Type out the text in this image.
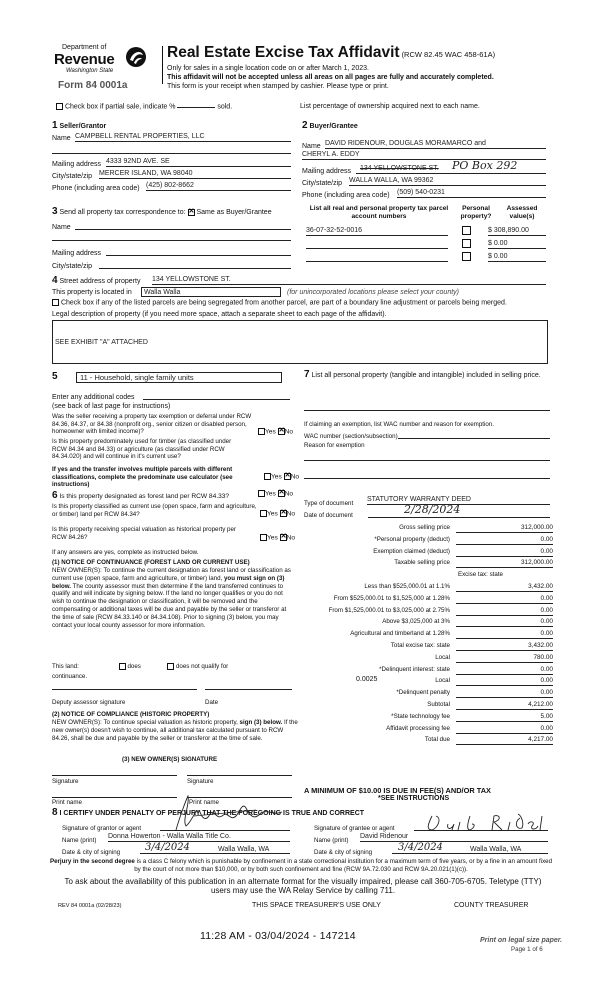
Department of
Revenue
Washington State
Form 84 0001a
Real Estate Excise Tax Affidavit (RCW 82.45 WAC 458-61A)
Only for sales in a single location code on or after March 1, 2023.
This affidavit will not be accepted unless all areas on all pages are fully and accurately completed.
This form is your receipt when stamped by cashier. Please type or print.
Check box if partial sale, indicate %	sold.	List percentage of ownership acquired next to each name.
1 Seller/Grantor
Name CAMPBELL RENTAL PROPERTIES, LLC
Mailing address 4333 92ND AVE. SE
City/state/zip MERCER ISLAND, WA 98040
Phone (including area code) (425) 802-8662
2 Buyer/Grantee
Name DAVID RIDENOUR, DOUGLAS MORAMARCO and
CHERYL A. EDDY
Mailing address 134 YELLOWSTONE ST. PO Box 292
City/state/zip WALLA WALLA, WA 99362
Phone (including area code) (509) 540-0231
3 Send all property tax correspondence to: ✕ Same as Buyer/Grantee
Name
Mailing address
City/state/zip
List all real and personal property tax parcel account numbers
Personal property?
Assessed value(s)
36-07-32-52-0016	$ 308,890.00
$ 0.00
$ 0.00
4 Street address of property 134 YELLOWSTONE ST.
This property is located in	Walla Walla	(for unincorporated locations please select your county)
Check box if any of the listed parcels are being segregated from another parcel, are part of a boundary line adjustment or parcels being merged.
Legal description of property (if you need more space, attach a separate sheet to each page of the affidavit).
SEE EXHIBIT "A" ATTACHED
5	11 - Household, single family units
Enter any additional codes
(see back of last page for instructions)
Was the seller receiving a property tax exemption or deferral under RCW 84.36, 84.37, or 84.38 (nonprofit org., senior citizen or disabled person, homeowner with limited income)?	Yes ✕ No
Is this property predominately used for timber (as classified under RCW 84.34 and 84.33) or agriculture (as classified under RCW 84.34.020) and will continue in it's current use?
If yes and the transfer involves multiple parcels with different classifications, complete the predominate use calculator (see instructions)
Yes ✕ No
6 Is this property designated as forest land per RCW 84.33?	Yes ✕ No
Is this property classified as current use (open space, farm and agriculture, or timber) land per RCW 84.34?	Yes ✕ No
Is this property receiving special valuation as historical property per RCW 84.26?	Yes ✕ No
If any answers are yes, complete as instructed below.
(1) NOTICE OF CONTINUANCE (FOREST LAND OR CURRENT USE)
NEW OWNER(S): To continue the current designation as forest land or classification as current use (open space, farm and agriculture, or timber) land, you must sign on (3) below. The county assessor must then determine if the land transferred continues to qualify and will indicate by signing below. If the land no longer qualifies or you do not wish to continue the designation or classification, it will be removed and the compensating or additional taxes will be due and payable by the seller or transferor at the time of sale (RCW 84.33.140 or 84.34.108). Prior to signing (3) below, you may contact your local county assessor for more information.
This land:	does	does not qualify for
continuance.
Deputy assessor signature	Date
(2) NOTICE OF COMPLIANCE (HISTORIC PROPERTY)
NEW OWNER(S): To continue special valuation as historic property, sign (3) below. If the new owner(s) doesn't wish to continue, all additional tax calculated pursuant to RCW 84.26, shall be due and payable by the seller or transferor at the time of sale.
(3) NEW OWNER(S) SIGNATURE
Signature	Signature
Print name	Print name
7 List all personal property (tangible and intangible) included in selling price.
If claiming an exemption, list WAC number and reason for exemption.
WAC number (section/subsection)
Reason for exemption
Type of document
STATUTORY WARRANTY DEED
Date of document	2/28/2024
Gross selling price	312,000.00
*Personal property (deduct)	0.00
Exemption claimed (deduct)	0.00
Taxable selling price	312,000.00
Excise tax: state
Less than $525,000.01 at 1.1%	3,432.00
From $525,000.01 to $1,525,000 at 1.28%	0.00
From $1,525,000.01 to $3,025,000 at 2.75%	0.00
Above $3,025,000 at 3%	0.00
Agricultural and timberland at 1.28%	0.00
Total excise tax: state	3,432.00
Local	780.00
*Delinquent interest: state	0.00
Local	0.00
*Delinquent penalty	0.00
Subtotal	4,212.00
*State technology fee	5.00
Affidavit processing fee	0.00
Total due	4,217.00
0.0025
A MINIMUM OF $10.00 IS DUE IN FEE(S) AND/OR TAX
*SEE INSTRUCTIONS
8 I CERTIFY UNDER PENALTY OF PERJURY THAT THE FOREGOING IS TRUE AND CORRECT
Signature of grantor or agent
Name (print)
Donna Howerton - Walla Walla Title Co.
Date & city of signing 3/4/2024	Walla Walla, WA
Signature of grantee or agent
Name (print)
David Ridenour
Date & city of signing	3/4/2024	Walla Walla, WA
Perjury in the second degree is a class C felony which is punishable by confinement in a state correctional institution for a maximum term of five years, or by a fine in an amount fixed by the court of not more than $10,000, or by both such confinement and fine (RCW 9A.72.030 and RCW 9A.20.021(1)(c)).
To ask about the availability of this publication in an alternate format for the visually impaired, please call 360-705-6705. Teletype (TTY) users may use the WA Relay Service by calling 711.
REV 84 0001a (02/28/23)	THIS SPACE TREASURER'S USE ONLY	COUNTY TREASURER
11:28 AM - 03/04/2024 - 147214	Print on legal size paper.
Page 1 of 6
